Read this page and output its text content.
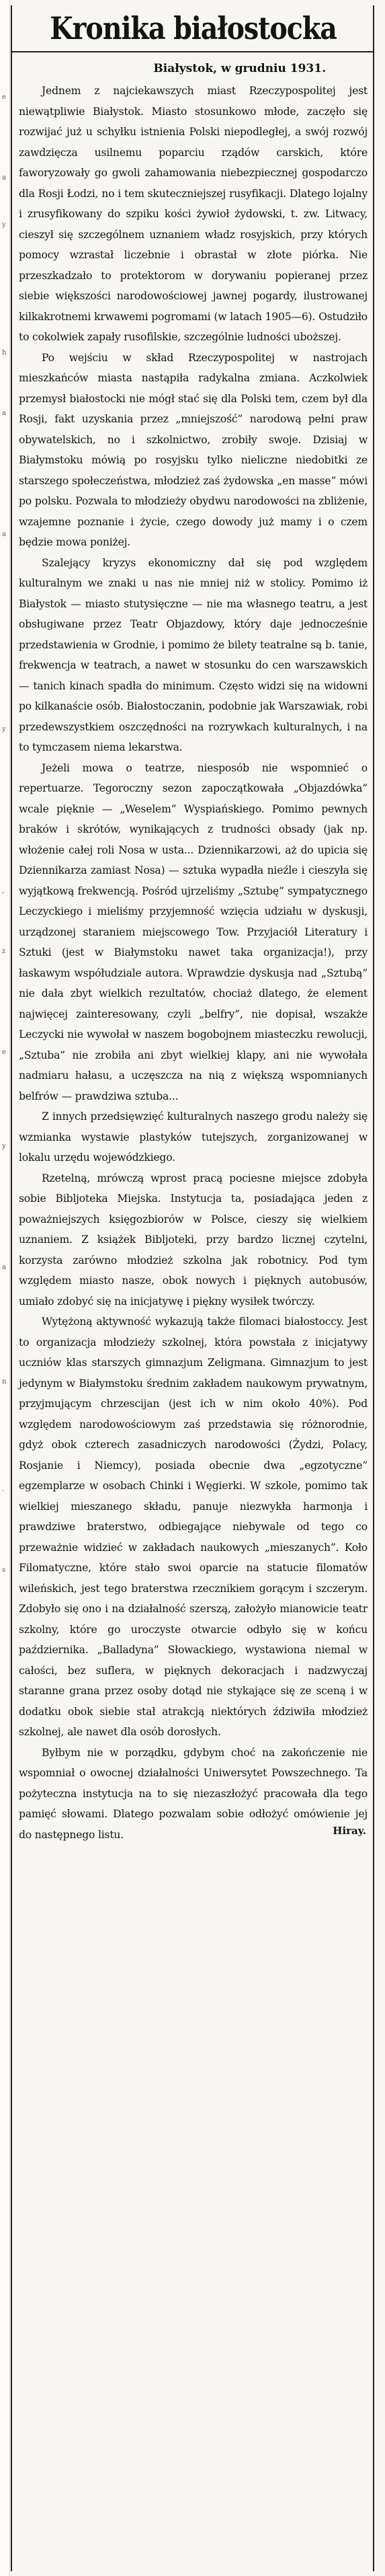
e
a
y
h
a
a
y
,
z
e
y
a
n
.
s
Kronika białostocka
Białystok, w grudniu 1931.

Jednem z najciekawszych miast Rzeczypospolitej jest niewątpliwie Białystok. Miasto stosunkowo młode, zaczęło się rozwijać już u schyłku istnienia Polski niepodległej, a swój rozwój zawdzięcza usilnemu poparciu rządów carskich, które faworyzowały go gwoli zahamowania niebezpiecznej gospodarczo dla Rosji Łodzi, no i tem skuteczniejszej rusyfikacji. Dlatego lojalny i zrusyfikowany do szpiku kości żywioł żydowski, t. zw. Litwacy, cieszył się szczególnem uznaniem władz rosyjskich, przy których pomocy wzrastał liczebnie i obrastał w złote piórka. Nie przeszkadzało to protektorom w dorywaniu popieranej przez siebie większości narodowościowej jawnej pogardy, ilustrowanej kilkakrotnemi krwawemi pogromami (w latach 1905—6). Ostudziło to cokolwiek zapały rusofilskie, szczególnie ludności uboższej.

Po wejściu w skład Rzeczypospolitej w nastrojach mieszkańców miasta nastąpiła radykalna zmiana. Aczkolwiek przemysł białostocki nie mógł stać się dla Polski tem, czem był dla Rosji, fakt uzyskania przez „mniejszość” narodową pełni praw obywatelskich, no i szkolnictwo, zrobiły swoje. Dzisiaj w Białymstoku mówią po rosyjsku tylko nieliczne niedobitki ze starszego społeczeństwa, młodzież zaś żydowska „en masse” mówi po polsku. Pozwala to młodzieży obydwu narodowości na zbliżenie, wzajemne poznanie i życie, czego dowody już mamy i o czem będzie mowa poniżej.

Szalejący kryzys ekonomiczny dał się pod względem kulturalnym we znaki u nas nie mniej niż w stolicy. Pomimo iż Białystok — miasto stutysięczne — nie ma własnego teatru, a jest obsługiwane przez Teatr Objazdowy, który daje jednocześnie przedstawienia w Grodnie, i pomimo że bilety teatralne są b. tanie, frekwencja w teatrach, a nawet w stosunku do cen warszawskich — tanich kinach spadła do minimum. Często widzi się na widowni po kilkanaście osób. Białostoczanin, podobnie jak Warszawiak, robi przedewszystkiem oszczędności na rozrywkach kulturalnych, i na to tymczasem niema lekarstwa.

Jeżeli mowa o teatrze, niesposób nie wspomnieć o repertuarze. Tegoroczny sezon zapoczątkowała „Objazdówka” wcale pięknie — „Weselem” Wyspiańskiego. Pomimo pewnych braków i skrótów, wynikających z trudności obsady (jak np. włożenie całej roli Nosa w usta... Dziennikarzowi, aż do upicia się Dziennikarza zamiast Nosa) — sztuka wypadła nieźle i cieszyła się wyjątkową frekwencją. Pośród ujrzeliśmy „Sztubę” sympatycznego Leczyckiego i mieliśmy przyjemność wzięcia udziału w dyskusji, urządzonej staraniem miejscowego Tow. Przyjaciół Literatury i Sztuki (jest w Białymstoku nawet taka organizacja!), przy łaskawym współudziale autora. Wprawdzie dyskusja nad „Sztubą” nie dała zbyt wielkich rezultatów, chociaż dlatego, że element najwięcej zainteresowany, czyli „belfry”, nie dopisał, wszakże Leczycki nie wywołał w naszem bogobojnem miasteczku rewolucji, „Sztuba” nie zrobiła ani zbyt wielkiej klapy, ani nie wywołała nadmiaru hałasu, a uczęszcza na nią z większą wspomnianych belfrów — prawdziwa sztuba...

Z innych przedsięwzięć kulturalnych naszego grodu należy się wzmianka wystawie plastyków tutejszych, zorganizowanej w lokalu urzędu wojewódzkiego.

Rzetelną, mrówczą wprost pracą pociesne miejsce zdobyła sobie Bibljoteka Miejska. Instytucja ta, posiadająca jeden z poważniejszych księgozbiorów w Polsce, cieszy się wielkiem uznaniem. Z książek Bibljoteki, przy bardzo licznej czytelni, korzysta zarówno młodzież szkolna jak robotnicy. Pod tym względem miasto nasze, obok nowych i pięknych autobusów, umiało zdobyć się na inicjatywę i piękny wysiłek twórczy.

Wytężoną aktywność wykazują także filomaci białostoccy. Jest to organizacja młodzieży szkolnej, która powstała z inicjatywy uczniów klas starszych gimnazjum Zeligmana. Gimnazjum to jest jedynym w Białymstoku średnim zakładem naukowym prywatnym, przyjmującym chrzescijan (jest ich w nim około 40%). Pod względem narodowościowym zaś przedstawia się różnorodnie, gdyż obok czterech zasadniczych narodowości (Żydzi, Polacy, Rosjanie i Niemcy), posiada obecnie dwa „egzotyczne” egzemplarze w osobach Chinki i Węgierki. W szkole, pomimo tak wielkiej mieszanego składu, panuje niezwykła harmonja i prawdziwe braterstwo, odbiegające niebywale od tego co przeważnie widzieć w zakładach naukowych „mieszanych”. Koło Filomatyczne, które stało swoi oparcie na statucie filomatów wileńskich, jest tego braterstwa rzecznikiem gorącym i szczerym. Zdobyło się ono i na działalność szerszą, założyło mianowicie teatr szkolny, które go uroczyste otwarcie odbyło się w końcu października. „Balladyna” Słowackiego, wystawiona niemal w całości, bez suflera, w pięknych dekoracjach i nadzwyczaj staranne grana przez osoby dotąd nie stykające się ze sceną i w dodatku obok siebie stał atrakcją niektórych ździwiła młodzież szkolnej, ale nawet dla osób dorosłych.

Byłbym nie w porządku, gdybym choć na zakończenie nie wspomniał o owocnej działalności Uniwersytet Powszechnego. Ta pożyteczna instytucja na to się niezaszłożyć pracowała dla tego pamięć słowami. Dlatego pozwalam sobie odłożyć omówienie jej do następnego listu.	Hiray.
